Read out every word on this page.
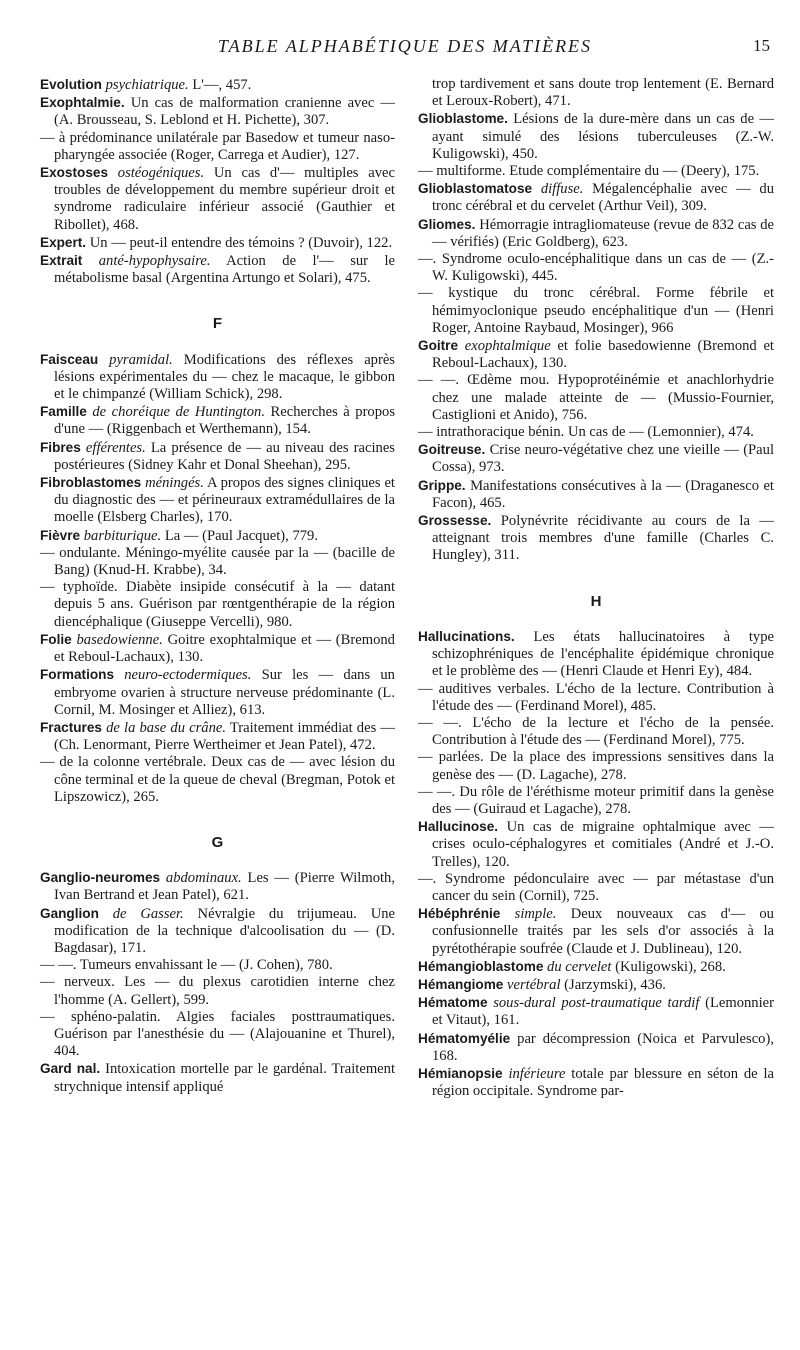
TABLE ALPHABÉTIQUE DES MATIÈRES	15

Evolution psychiatrique. L'—, 457.

Exophtalmie. Un cas de malformation cranienne avec — (A. Brousseau, S. Leblond et H. Pichette), 307.

— à prédominance unilatérale par Basedow et tumeur naso-pharyngée associée (Roger, Carrega et Audier), 127.

Exostoses ostéogéniques. Un cas d'— multiples avec troubles de développement du membre supérieur droit et syndrome radiculaire inférieur associé (Gauthier et Ribollet), 468.

Expert. Un — peut-il entendre des témoins ? (Duvoir), 122.

Extrait anté-hypophysaire. Action de l'— sur le métabolisme basal (Argentina Artungo et Solari), 475.

F

Faisceau pyramidal. Modifications des réflexes après lésions expérimentales du — chez le macaque, le gibbon et le chimpanzé (William Schick), 298.

Famille de choréique de Huntington. Recherches à propos d'une — (Riggenbach et Werthemann), 154.

Fibres efférentes. La présence de — au niveau des racines postérieures (Sidney Kahr et Donal Sheehan), 295.

Fibroblastomes méningés. A propos des signes cliniques et du diagnostic des — et périneuraux extramédullaires de la moelle (Elsberg Charles), 170.

Fièvre barbiturique. La — (Paul Jacquet), 779.

— ondulante. Méningo-myélite causée par la — (bacille de Bang) (Knud-H. Krabbe), 34.

— typhoïde. Diabète insipide consécutif à la — datant depuis 5 ans. Guérison par rœntgenthérapie de la région diencéphalique (Giuseppe Vercelli), 980.

Folie basedowienne. Goitre exophtalmique et — (Bremond et Reboul-Lachaux), 130.

Formations neuro-ectodermiques. Sur les — dans un embryome ovarien à structure nerveuse prédominante (L. Cornil, M. Mosinger et Alliez), 613.

Fractures de la base du crâne. Traitement immédiat des — (Ch. Lenormant, Pierre Wertheimer et Jean Patel), 472.

— de la colonne vertébrale. Deux cas de — avec lésion du cône terminal et de la queue de cheval (Bregman, Potok et Lipszowicz), 265.

G

Ganglio-neuromes abdominaux. Les — (Pierre Wilmoth, Ivan Bertrand et Jean Patel), 621.

Ganglion de Gasser. Névralgie du trijumeau. Une modification de la technique d'alcoolisation du — (D. Bagdasar), 171.

— —. Tumeurs envahissant le — (J. Cohen), 780.

— nerveux. Les — du plexus carotidien interne chez l'homme (A. Gellert), 599.

— sphéno-palatin. Algies faciales posttraumatiques. Guérison par l'anesthésie du — (Alajouanine et Thurel), 404.

Gard nal. Intoxication mortelle par le gardénal. Traitement strychnique intensif appliqué

trop tardivement et sans doute trop lentement (E. Bernard et Leroux-Robert), 471.

Glioblastome. Lésions de la dure-mère dans un cas de — ayant simulé des lésions tuberculeuses (Z.-W. Kuligowski), 450.

— multiforme. Etude complémentaire du — (Deery), 175.

Glioblastomatose diffuse. Mégalencéphalie avec — du tronc cérébral et du cervelet (Arthur Veil), 309.

Gliomes. Hémorragie intragliomateuse (revue de 832 cas de — vérifiés) (Eric Goldberg), 623.

—. Syndrome oculo-encéphalitique dans un cas de — (Z.-W. Kuligowski), 445.

— kystique du tronc cérébral. Forme fébrile et hémimyoclonique pseudo encéphalitique d'un — (Henri Roger, Antoine Raybaud, Mosinger), 966

Goitre exophtalmique et folie basedowienne (Bremond et Reboul-Lachaux), 130.

— —. Œdème mou. Hypoprotéinémie et anachlorhydrie chez une malade atteinte de — (Mussio-Fournier, Castiglioni et Anido), 756.

— intrathoracique bénin. Un cas de — (Lemonnier), 474.

Goitreuse. Crise neuro-végétative chez une vieille — (Paul Cossa), 973.

Grippe. Manifestations consécutives à la — (Draganesco et Facon), 465.

Grossesse. Polynévrite récidivante au cours de la — atteignant trois membres d'une famille (Charles C. Hungley), 311.

H

Hallucinations. Les états hallucinatoires à type schizophréniques de l'encéphalite épidémique chronique et le problème des — (Henri Claude et Henri Ey), 484.

— auditives verbales. L'écho de la lecture. Contribution à l'étude des — (Ferdinand Morel), 485.

— —. L'écho de la lecture et l'écho de la pensée. Contribution à l'étude des — (Ferdinand Morel), 775.

— parlées. De la place des impressions sensitives dans la genèse des — (D. Lagache), 278.

— —. Du rôle de l'éréthisme moteur primitif dans la genèse des — (Guiraud et Lagache), 278.

Hallucinose. Un cas de migraine ophtalmique avec — crises oculo-céphalogyres et comitiales (André et J.-O. Trelles), 120.

—. Syndrome pédonculaire avec — par métastase d'un cancer du sein (Cornil), 725.

Hébéphrénie simple. Deux nouveaux cas d'— ou confusionnelle traités par les sels d'or associés à la pyrétothérapie soufrée (Claude et J. Dublineau), 120.

Hémangioblastome du cervelet (Kuligowski), 268.

Hémangiome vertébral (Jarzymski), 436.

Hématome sous-dural post-traumatique tardif (Lemonnier et Vitaut), 161.

Hématomyélie par décompression (Noica et Parvulesco), 168.

Hémianopsie inférieure totale par blessure en séton de la région occipitale. Syndrome par-
